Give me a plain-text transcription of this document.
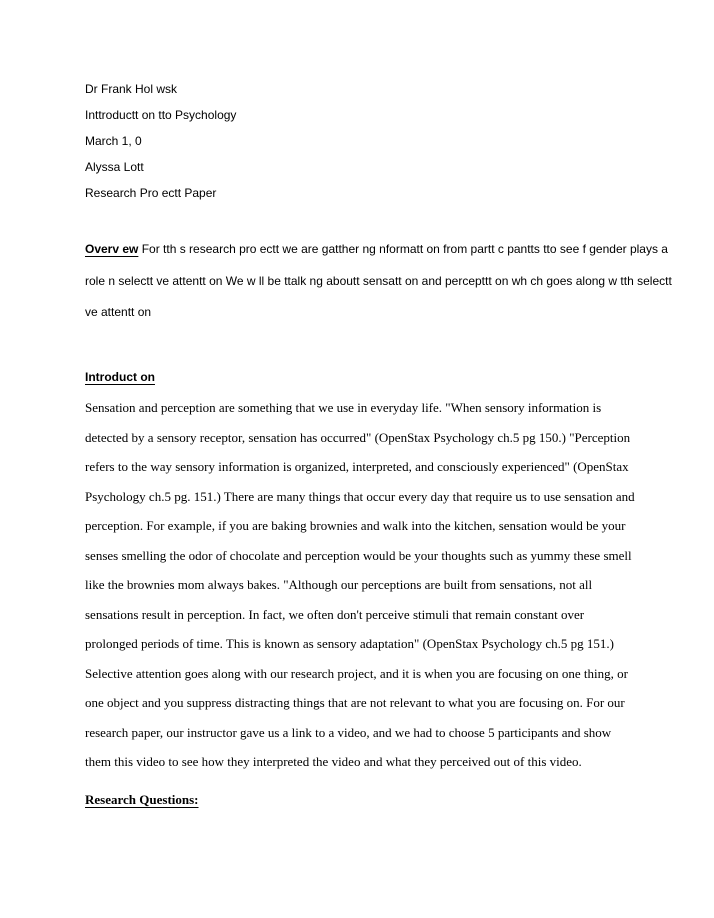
Dr Frank Hol wsk
Inttroductt on tto Psychology
March 1, 0
Alyssa Lott
Research Pro ectt Paper
Overv ew For tth s research pro ectt we are gatther ng nformatt on from partt c pantts tto see f gender plays a role n selectt ve attentt on We w ll be ttalk ng aboutt sensatt on and percepttt on wh ch goes along w tth selectt ve attentt on
Introduct on
Sensation and perception are something that we use in everyday life. "When sensory information is
detected by a sensory receptor, sensation has occurred" (OpenStax Psychology ch.5 pg 150.) "Perception
refers to the way sensory information is organized, interpreted, and consciously experienced" (OpenStax
Psychology ch.5 pg. 151.) There are many things that occur every day that require us to use sensation and
perception. For example, if you are baking brownies and walk into the kitchen, sensation would be your
senses smelling the odor of chocolate and perception would be your thoughts such as yummy these smell
like the brownies mom always bakes. "Although our perceptions are built from sensations, not all
sensations result in perception. In fact, we often don't perceive stimuli that remain constant over
prolonged periods of time. This is known as sensory adaptation" (OpenStax Psychology ch.5 pg 151.)
Selective attention goes along with our research project, and it is when you are focusing on one thing, or
one object and you suppress distracting things that are not relevant to what you are focusing on. For our
research paper, our instructor gave us a link to a video, and we had to choose 5 participants and show
them this video to see how they interpreted the video and what they perceived out of this video.
Research Questions:
